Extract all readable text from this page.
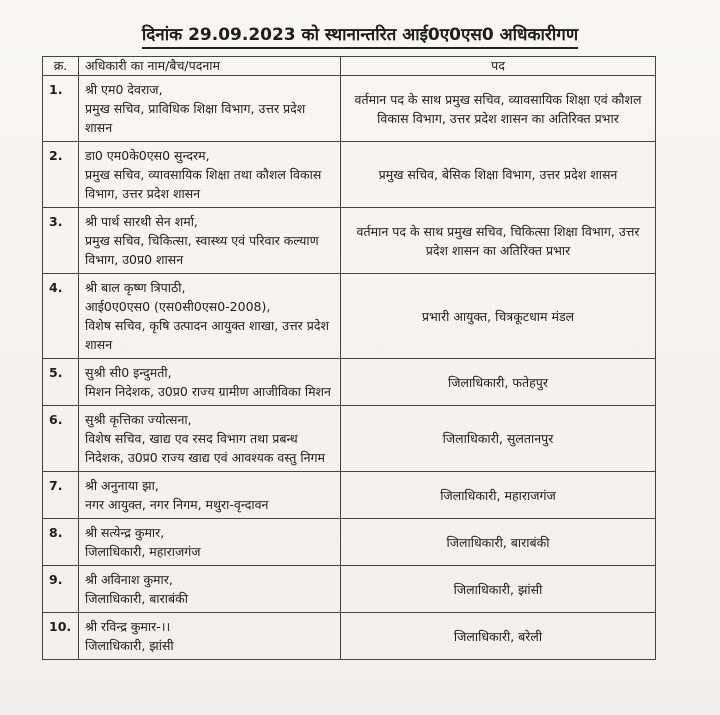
दिनांक 29.09.2023 को स्थानान्तरित आई0ए0एस0 अधिकारीगण
क्र.	अधिकारी का नाम/बैच/पदनाम	पद
1.	श्री एम0 देवराज,
प्रमुख सचिव, प्राविधिक शिक्षा विभाग, उत्तर प्रदेश शासन	वर्तमान पद के साथ प्रमुख सचिव, व्यावसायिक शिक्षा एवं कौशल विकास विभाग, उत्तर प्रदेश शासन का अतिरिक्त प्रभार
2.	डा0 एम0के0एस0 सुन्दरम,
प्रमुख सचिव, व्यावसायिक शिक्षा तथा कौशल विकास विभाग, उत्तर प्रदेश शासन	प्रमुख सचिव, बेसिक शिक्षा विभाग, उत्तर प्रदेश शासन
3.	श्री पार्थ सारथी सेन शर्मा,
प्रमुख सचिव, चिकित्सा, स्वास्थ्य एवं परिवार कल्याण विभाग, उ0प्र0 शासन	वर्तमान पद के साथ प्रमुख सचिव, चिकित्सा शिक्षा विभाग, उत्तर प्रदेश शासन का अतिरिक्त प्रभार
4.	श्री बाल कृष्ण त्रिपाठी,
आई0ए0एस0 (एस0सी0एस0-2008),
विशेष सचिव, कृषि उत्पादन आयुक्त शाखा, उत्तर प्रदेश शासन	प्रभारी आयुक्त, चित्रकूटधाम मंडल
5.	सुश्री सी0 इन्दुमती,
मिशन निदेशक, उ0प्र0 राज्य ग्रामीण आजीविका मिशन	जिलाधिकारी, फतेहपुर
6.	सुश्री कृत्तिका ज्योत्सना,
विशेष सचिव, खाद्य एव रसद विभाग तथा प्रबन्ध निदेशक, उ0प्र0 राज्य खाद्य एवं आवश्यक वस्तु निगम	जिलाधिकारी, सुलतानपुर
7.	श्री अनुनाया झा,
नगर आयुक्त, नगर निगम, मथुरा-वृन्दावन	जिलाधिकारी, महाराजगंज
8.	श्री सत्येन्द्र कुमार,
जिलाधिकारी, महाराजगंज	जिलाधिकारी, बाराबंकी
9.	श्री अविनाश कुमार,
जिलाधिकारी, बाराबंकी	जिलाधिकारी, झांसी
10.	श्री रविन्द्र कुमार-।।
जिलाधिकारी, झांसी	जिलाधिकारी, बरेली
